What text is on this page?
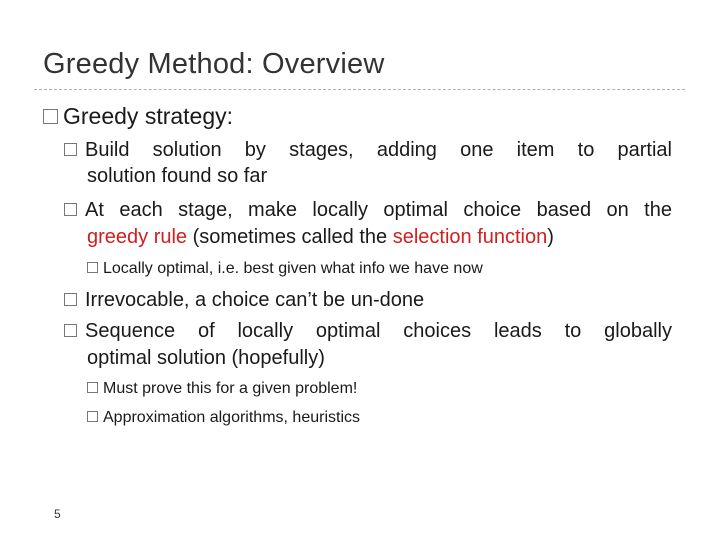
Greedy Method: Overview
Greedy strategy:
Build solution by stages, adding one item to partial
solution found so far
At each stage, make locally optimal choice based on the
greedy rule (sometimes called the selection function)
Locally optimal, i.e. best given what info we have now
Irrevocable, a choice can’t be un-done
Sequence of locally optimal choices leads to globally
optimal solution (hopefully)
Must prove this for a given problem!
Approximation algorithms, heuristics
5
